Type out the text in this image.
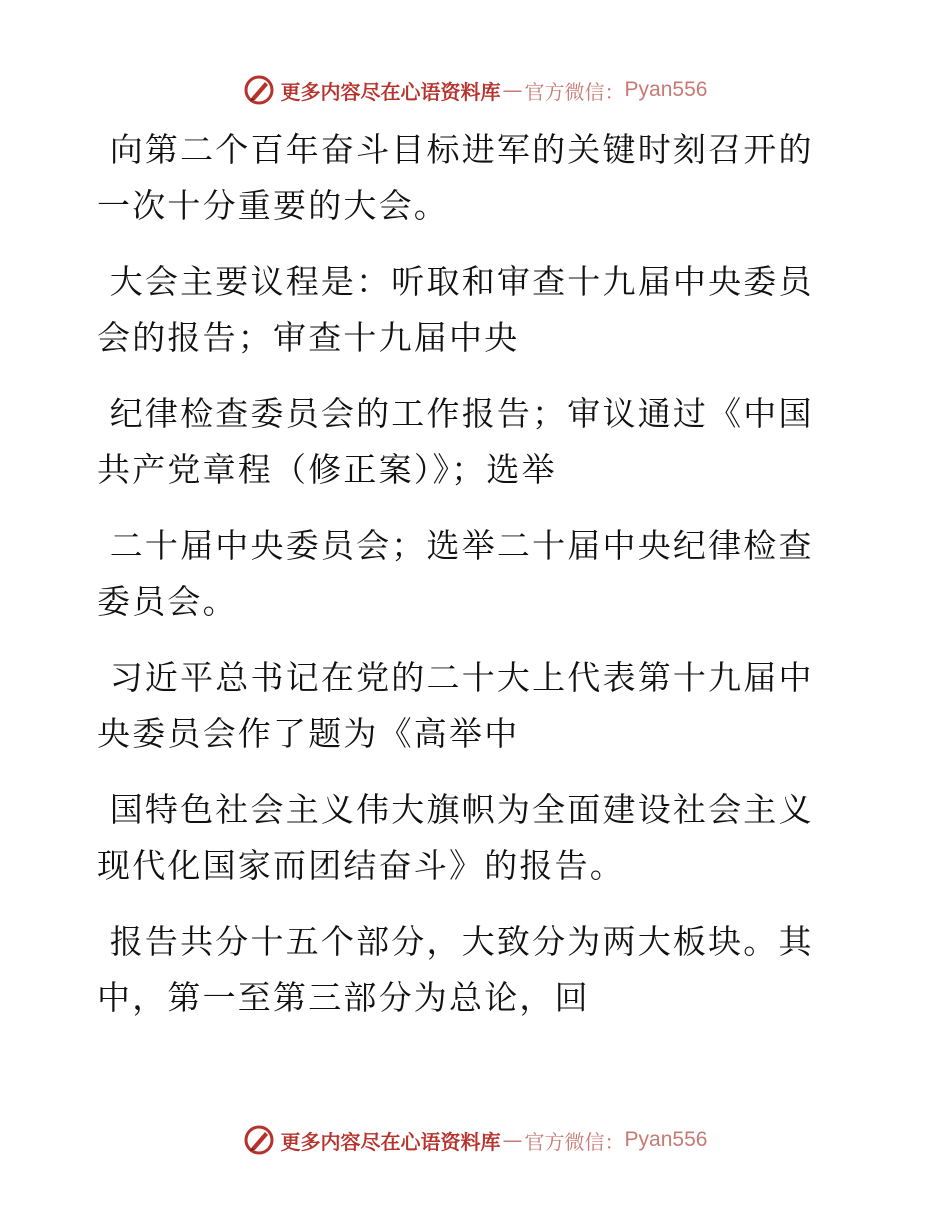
更多内容尽在心语资料库 — 官方微信： Pyan556

向第二个百年奋斗目标进军的关键时刻召开的一次十分重要的大会。

大会主要议程是：听取和审查十九届中央委员会的报告；审查十九届中央

纪律检查委员会的工作报告；审议通过《中国共产党章程（修正案）》；选举

二十届中央委员会；选举二十届中央纪律检查委员会。

习近平总书记在党的二十大上代表第十九届中央委员会作了题为《高举中

国特色社会主义伟大旗帜为全面建设社会主义现代化国家而团结奋斗》的报告。

报告共分十五个部分，大致分为两大板块。其中，第一至第三部分为总论，回

更多内容尽在心语资料库 — 官方微信： Pyan556
